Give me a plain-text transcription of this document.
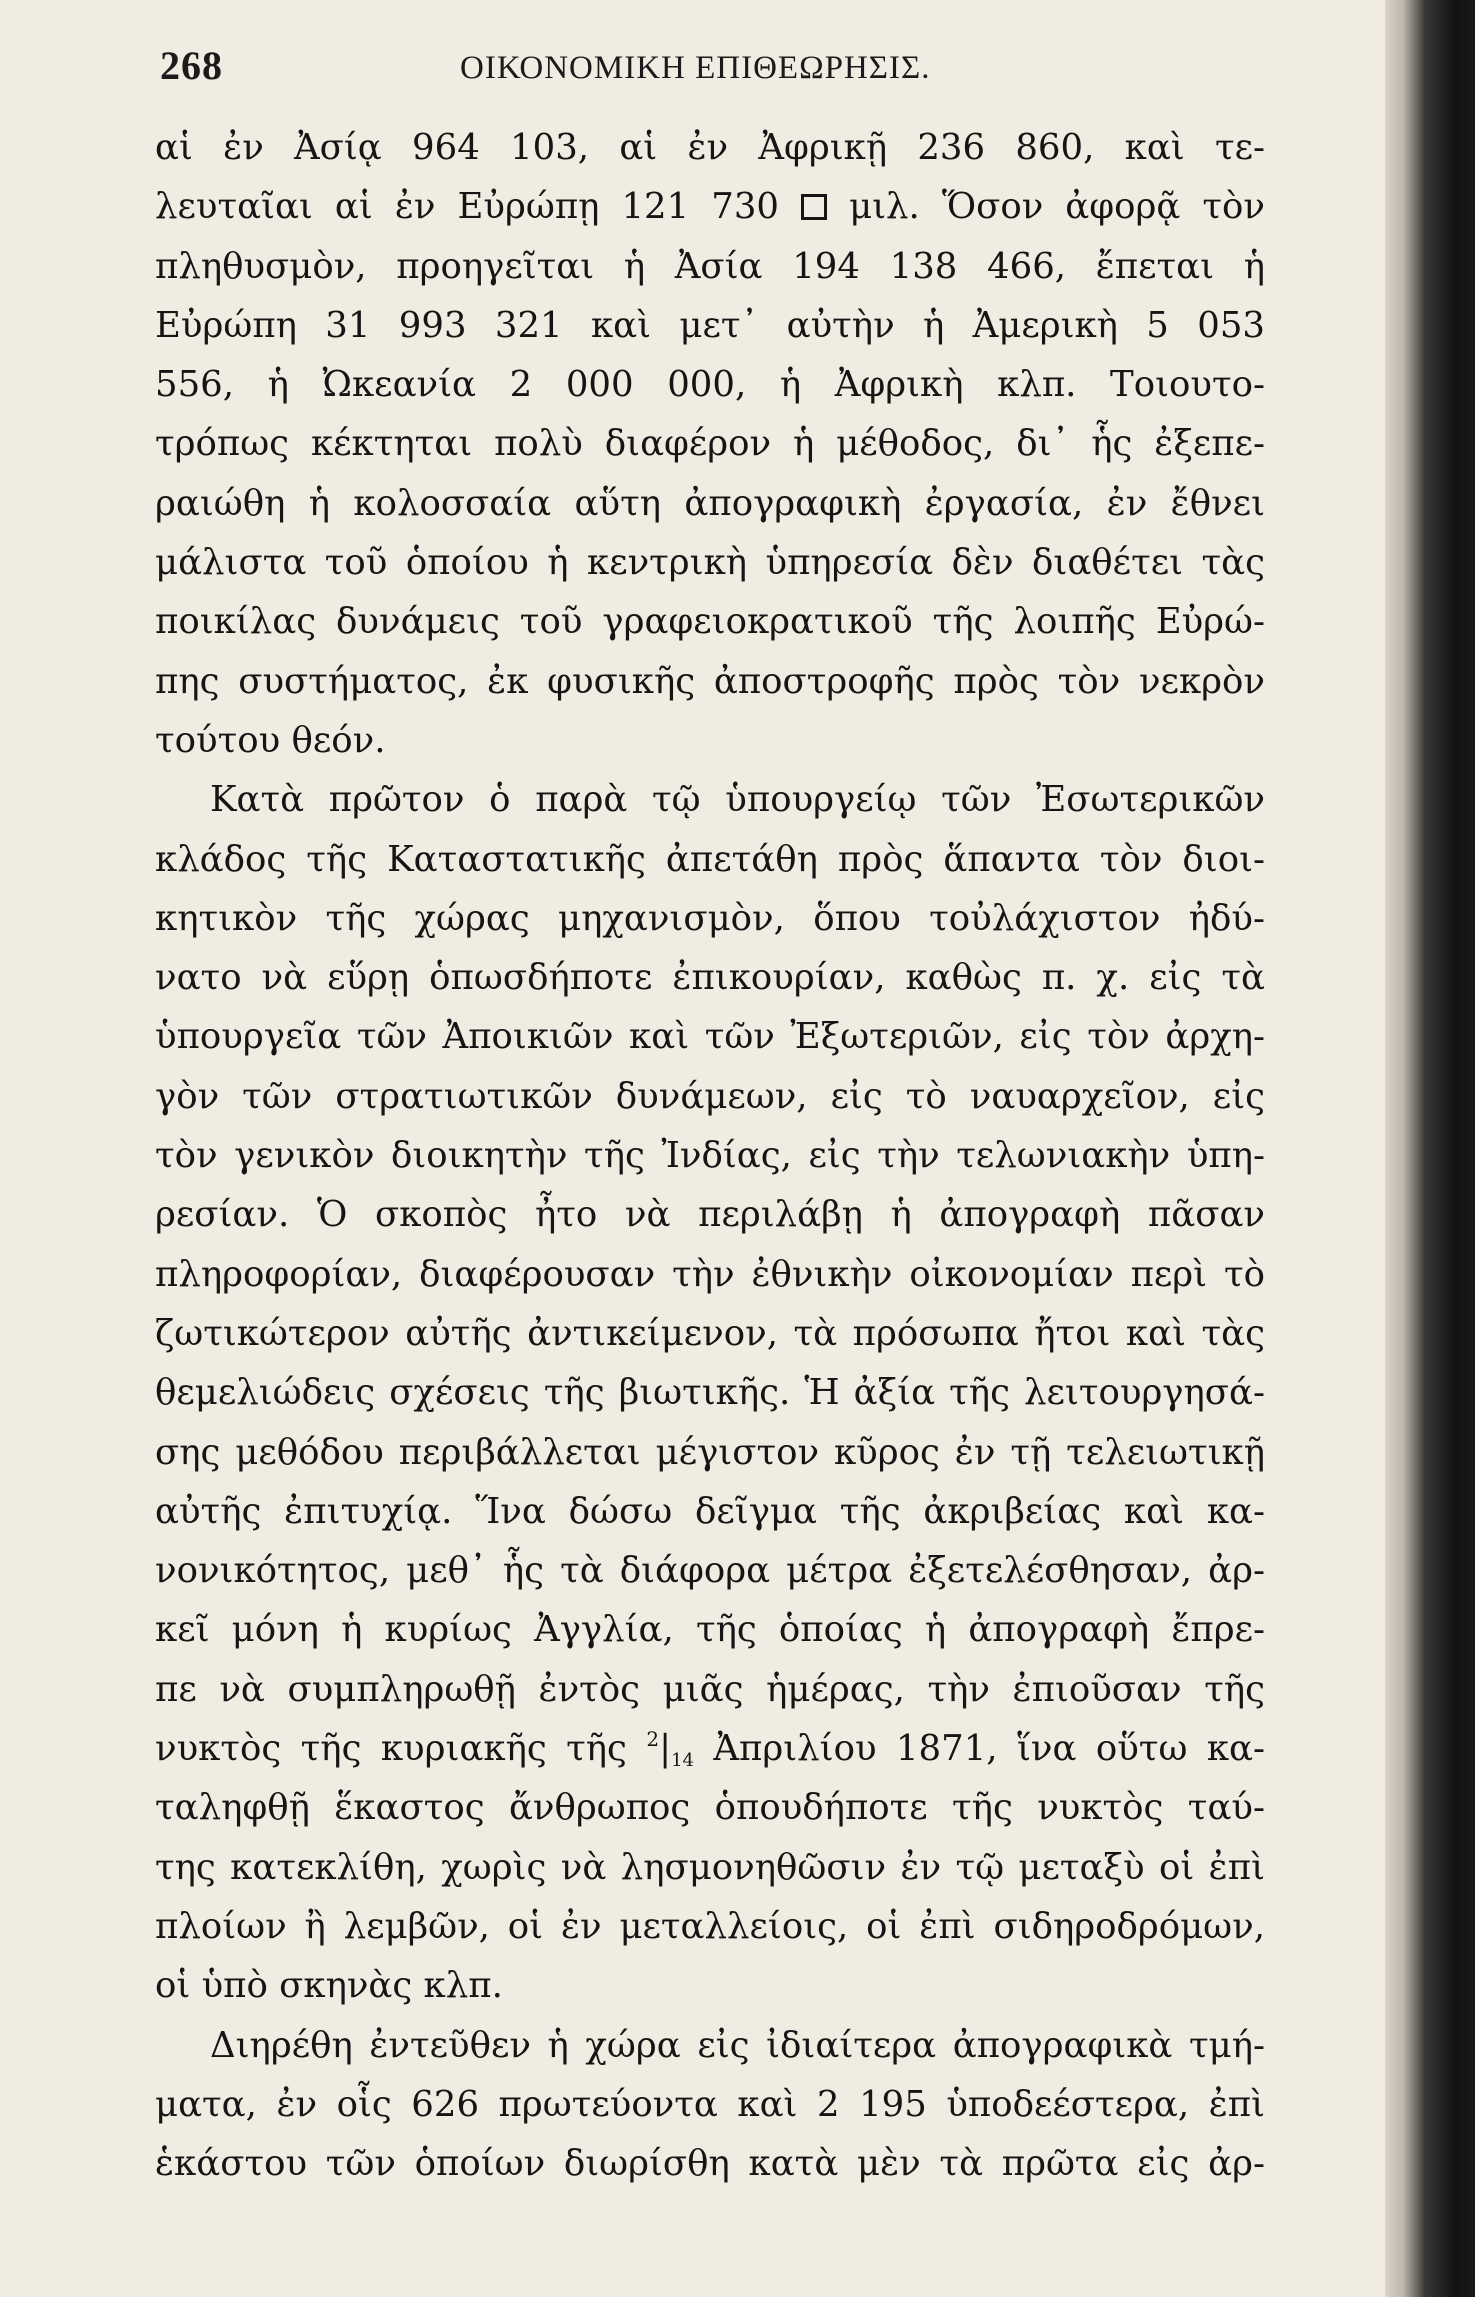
268	ΟΙΚΟΝΟΜΙΚΗ ΕΠΙΘΕΩΡΗΣΙΣ.
αἱ ἐν Ἀσίᾳ 964 103, αἱ ἐν Ἀφρικῇ 236 860, καὶ τε-
λευταῖαι αἱ ἐν Εὐρώπῃ 121 730 μιλ. Ὅσον ἀφορᾷ τὸν
πληθυσμὸν, προηγεῖται ἡ Ἀσία 194 138 466, ἔπεται ἡ
Εὐρώπη 31 993 321 καὶ μετ᾽ αὐτὴν ἡ Ἀμερικὴ 5 053
556, ἡ Ὠκεανία 2 000 000, ἡ Ἀφρικὴ κλπ. Τοιουτο-
τρόπως κέκτηται πολὺ διαφέρον ἡ μέθοδος, δι᾽ ἧς ἐξεπε-
ραιώθη ἡ κολοσσαία αὕτη ἀπογραφικὴ ἐργασία, ἐν ἔθνει
μάλιστα τοῦ ὁποίου ἡ κεντρικὴ ὑπηρεσία δὲν διαθέτει τὰς
ποικίλας δυνάμεις τοῦ γραφειοκρατικοῦ τῆς λοιπῆς Εὐρώ-
πης συστήματος, ἐκ φυσικῆς ἀποστροφῆς πρὸς τὸν νεκρὸν
τούτου θεόν.
Κατὰ πρῶτον ὁ παρὰ τῷ ὑπουργείῳ τῶν Ἐσωτερικῶν
κλάδος τῆς Καταστατικῆς ἀπετάθη πρὸς ἅπαντα τὸν διοι-
κητικὸν τῆς χώρας μηχανισμὸν, ὅπου τοὐλάχιστον ἠδύ-
νατο νὰ εὕρῃ ὁπωσδήποτε ἐπικουρίαν, καθὼς π. χ. εἰς τὰ
ὑπουργεῖα τῶν Ἀποικιῶν καὶ τῶν Ἐξωτεριῶν, εἰς τὸν ἀρχη-
γὸν τῶν στρατιωτικῶν δυνάμεων, εἰς τὸ ναυαρχεῖον, εἰς
τὸν γενικὸν διοικητὴν τῆς Ἰνδίας, εἰς τὴν τελωνιακὴν ὑπη-
ρεσίαν. Ὁ σκοπὸς ἦτο νὰ περιλάβῃ ἡ ἀπογραφὴ πᾶσαν
πληροφορίαν, διαφέρουσαν τὴν ἐθνικὴν οἰκονομίαν περὶ τὸ
ζωτικώτερον αὐτῆς ἀντικείμενον, τὰ πρόσωπα ἤτοι καὶ τὰς
θεμελιώδεις σχέσεις τῆς βιωτικῆς. Ἡ ἀξία τῆς λειτουργησά-
σης μεθόδου περιβάλλεται μέγιστον κῦρος ἐν τῇ τελειωτικῇ
αὐτῆς ἐπιτυχίᾳ. Ἵνα δώσω δεῖγμα τῆς ἀκριβείας καὶ κα-
νονικότητος, μεθ᾽ ἧς τὰ διάφορα μέτρα ἐξετελέσθησαν, ἀρ-
κεῖ μόνη ἡ κυρίως Ἀγγλία, τῆς ὁποίας ἡ ἀπογραφὴ ἔπρε-
πε νὰ συμπληρωθῇ ἐντὸς μιᾶς ἡμέρας, τὴν ἐπιοῦσαν τῆς
νυκτὸς τῆς κυριακῆς τῆς $^2|_{14}$ Ἀπριλίου 1871, ἵνα οὕτω κα-
ταληφθῇ ἕκαστος ἄνθρωπος ὁπουδήποτε τῆς νυκτὸς ταύ-
της κατεκλίθη, χωρὶς νὰ λησμονηθῶσιν ἐν τῷ μεταξὺ οἱ ἐπὶ
πλοίων ἢ λεμβῶν, οἱ ἐν μεταλλείοις, οἱ ἐπὶ σιδηροδρόμων,
οἱ ὑπὸ σκηνὰς κλπ.
Διηρέθη ἐντεῦθεν ἡ χώρα εἰς ἰδιαίτερα ἀπογραφικὰ τμή-
ματα, ἐν οἷς 626 πρωτεύοντα καὶ 2 195 ὑποδεέστερα, ἐπὶ
ἑκάστου τῶν ὁποίων διωρίσθη κατὰ μὲν τὰ πρῶτα εἰς ἀρ-
